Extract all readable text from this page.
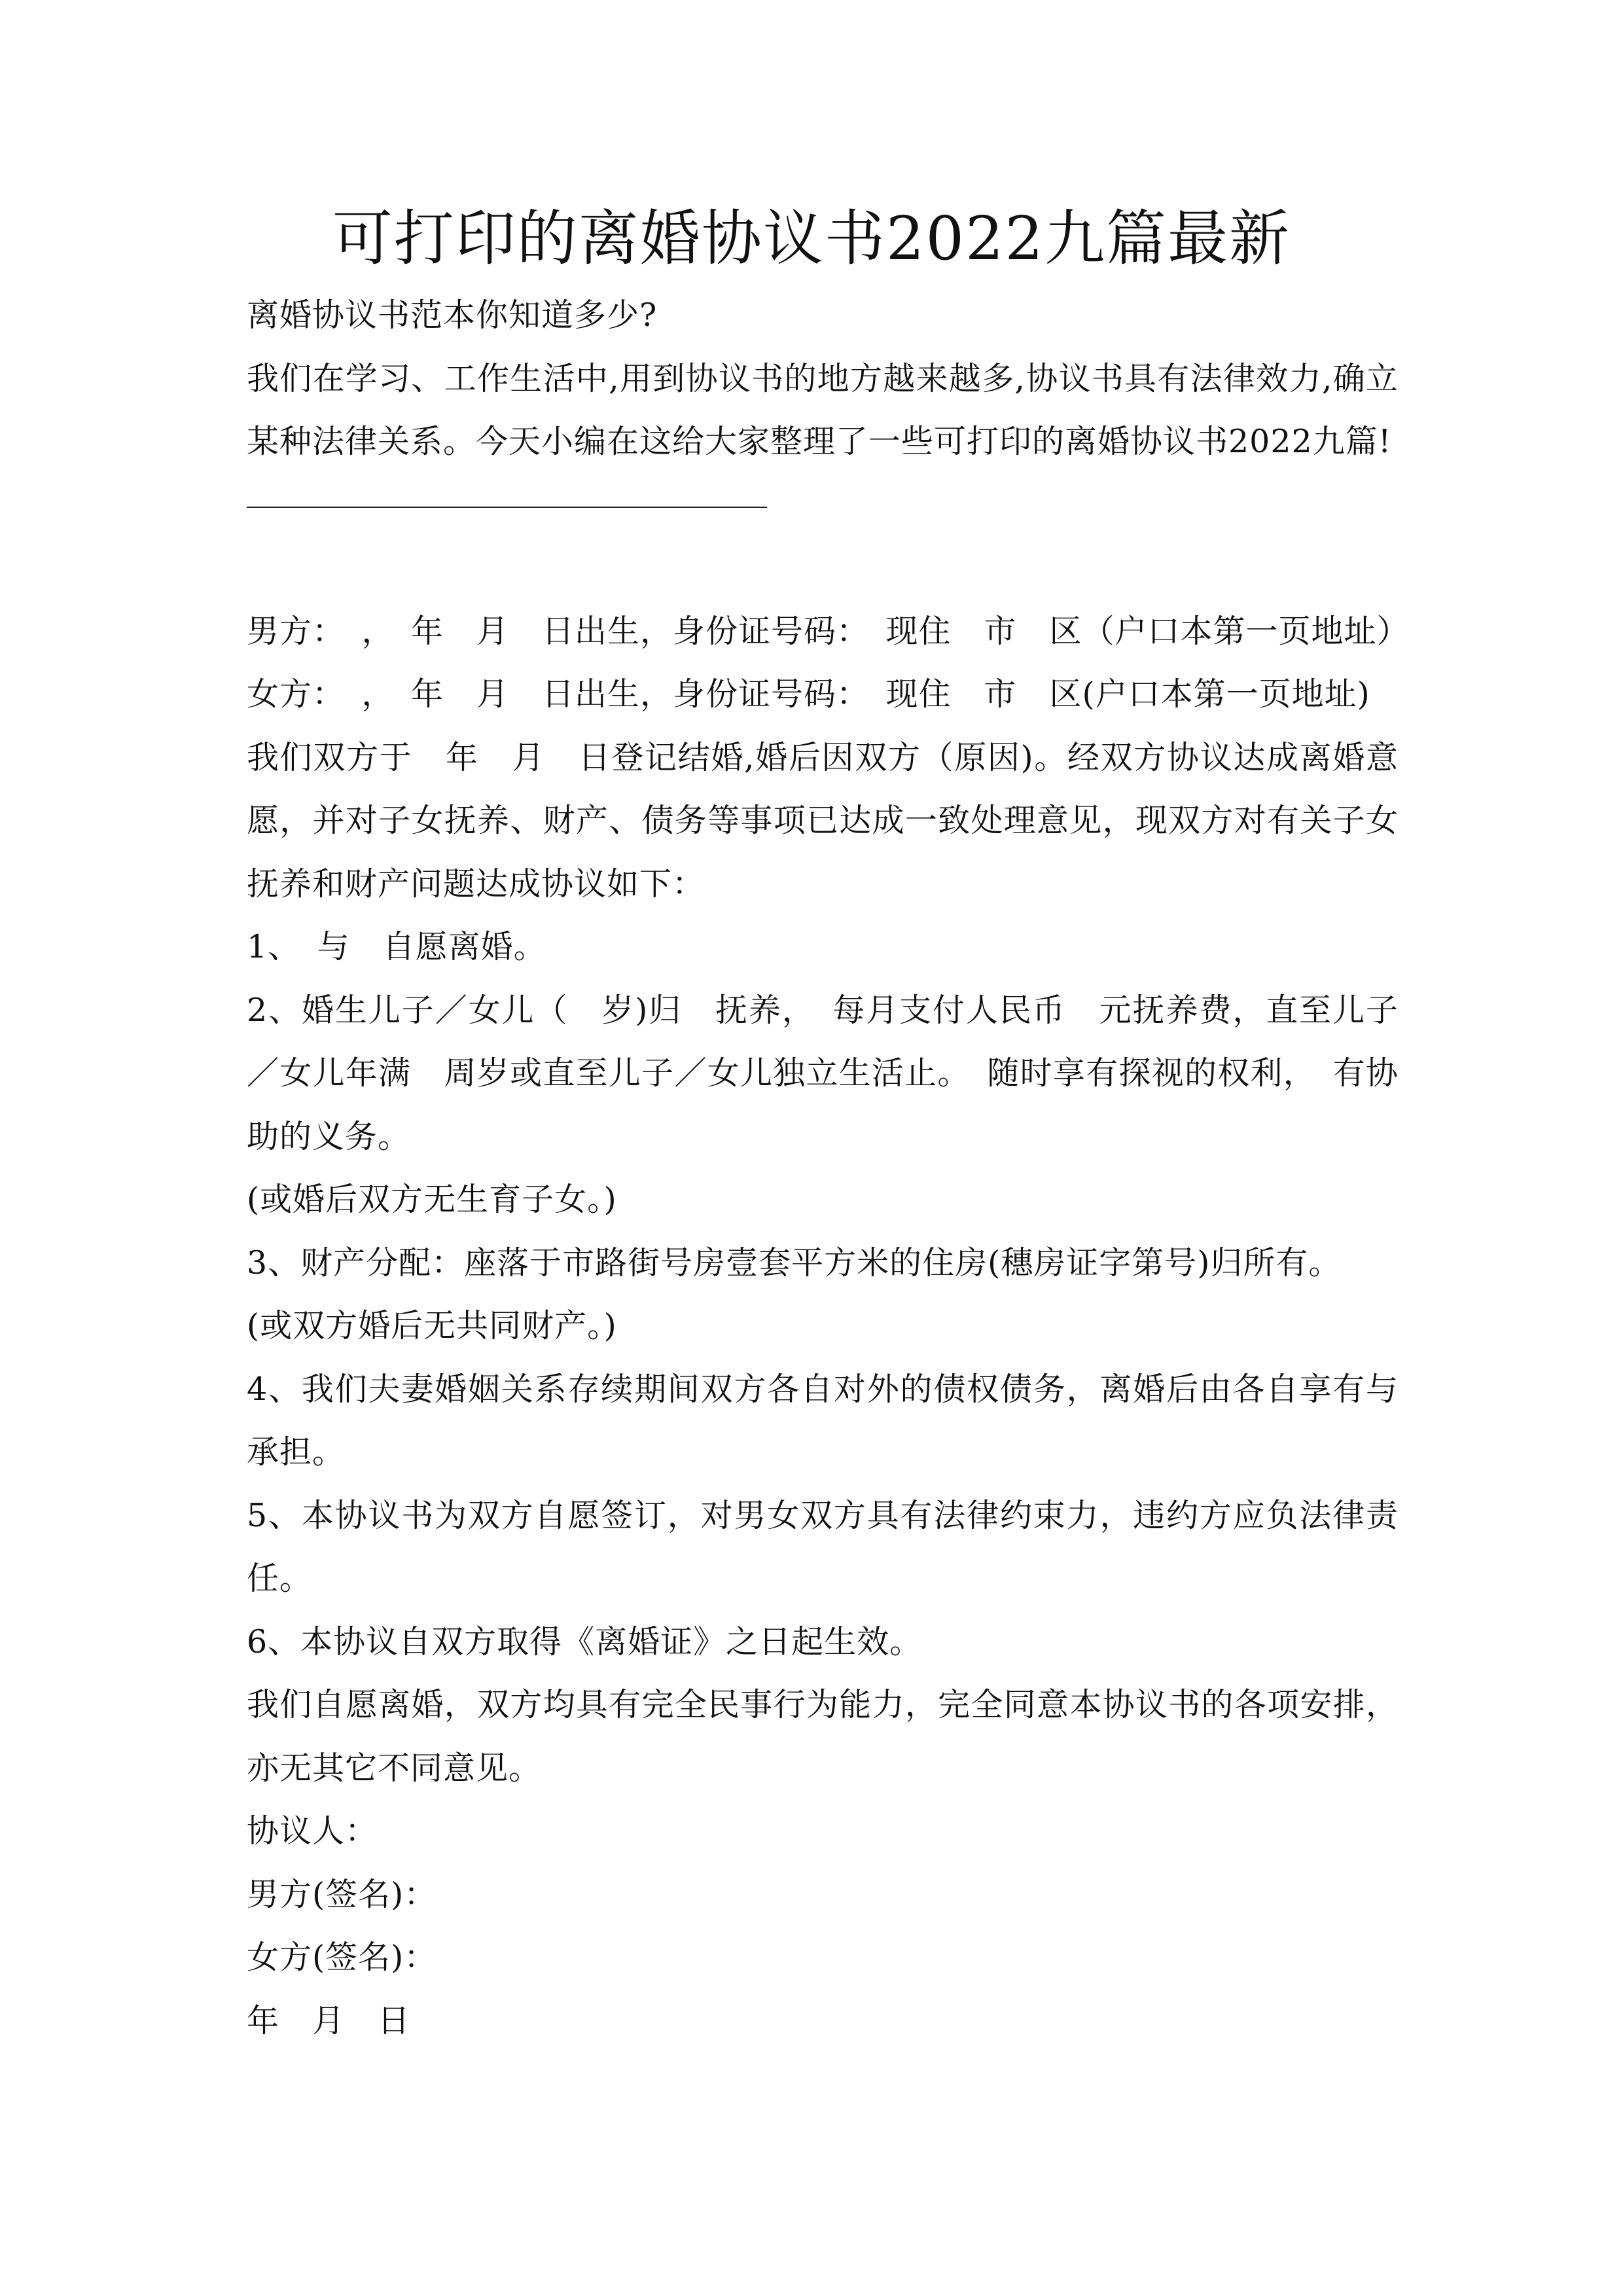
可打印的离婚协议书2022九篇最新

离婚协议书范本你知道多少?

我们在学习、工作生活中,用到协议书的地方越来越多,协议书具有法律效力,确立某种法律关系。今天小编在这给大家整理了一些可打印的离婚协议书2022九篇!

男方：　，　年　月　日出生，身份证号码：　现住　市　区（户口本第一页地址）

女方：　，　年　月　日出生，身份证号码：　现住　市　区(户口本第一页地址)

我们双方于　年　月　日登记结婚,婚后因双方（原因)。经双方协议达成离婚意愿，并对子女抚养、财产、债务等事项已达成一致处理意见，现双方对有关子女抚养和财产问题达成协议如下：

1、　与　自愿离婚。

2、婚生儿子／女儿（　岁)归　抚养，　每月支付人民币　元抚养费，直至儿子／女儿年满　周岁或直至儿子／女儿独立生活止。　随时享有探视的权利，　有协助的义务。

(或婚后双方无生育子女。)

3、财产分配：座落于市路街号房壹套平方米的住房(穗房证字第号)归所有。

(或双方婚后无共同财产。)

4、我们夫妻婚姻关系存续期间双方各自对外的债权债务，离婚后由各自享有与承担。

5、本协议书为双方自愿签订，对男女双方具有法律约束力，违约方应负法律责任。

6、本协议自双方取得《离婚证》之日起生效。

我们自愿离婚，双方均具有完全民事行为能力，完全同意本协议书的各项安排，亦无其它不同意见。

协议人：

男方(签名)：

女方(签名)：

年　月　日
